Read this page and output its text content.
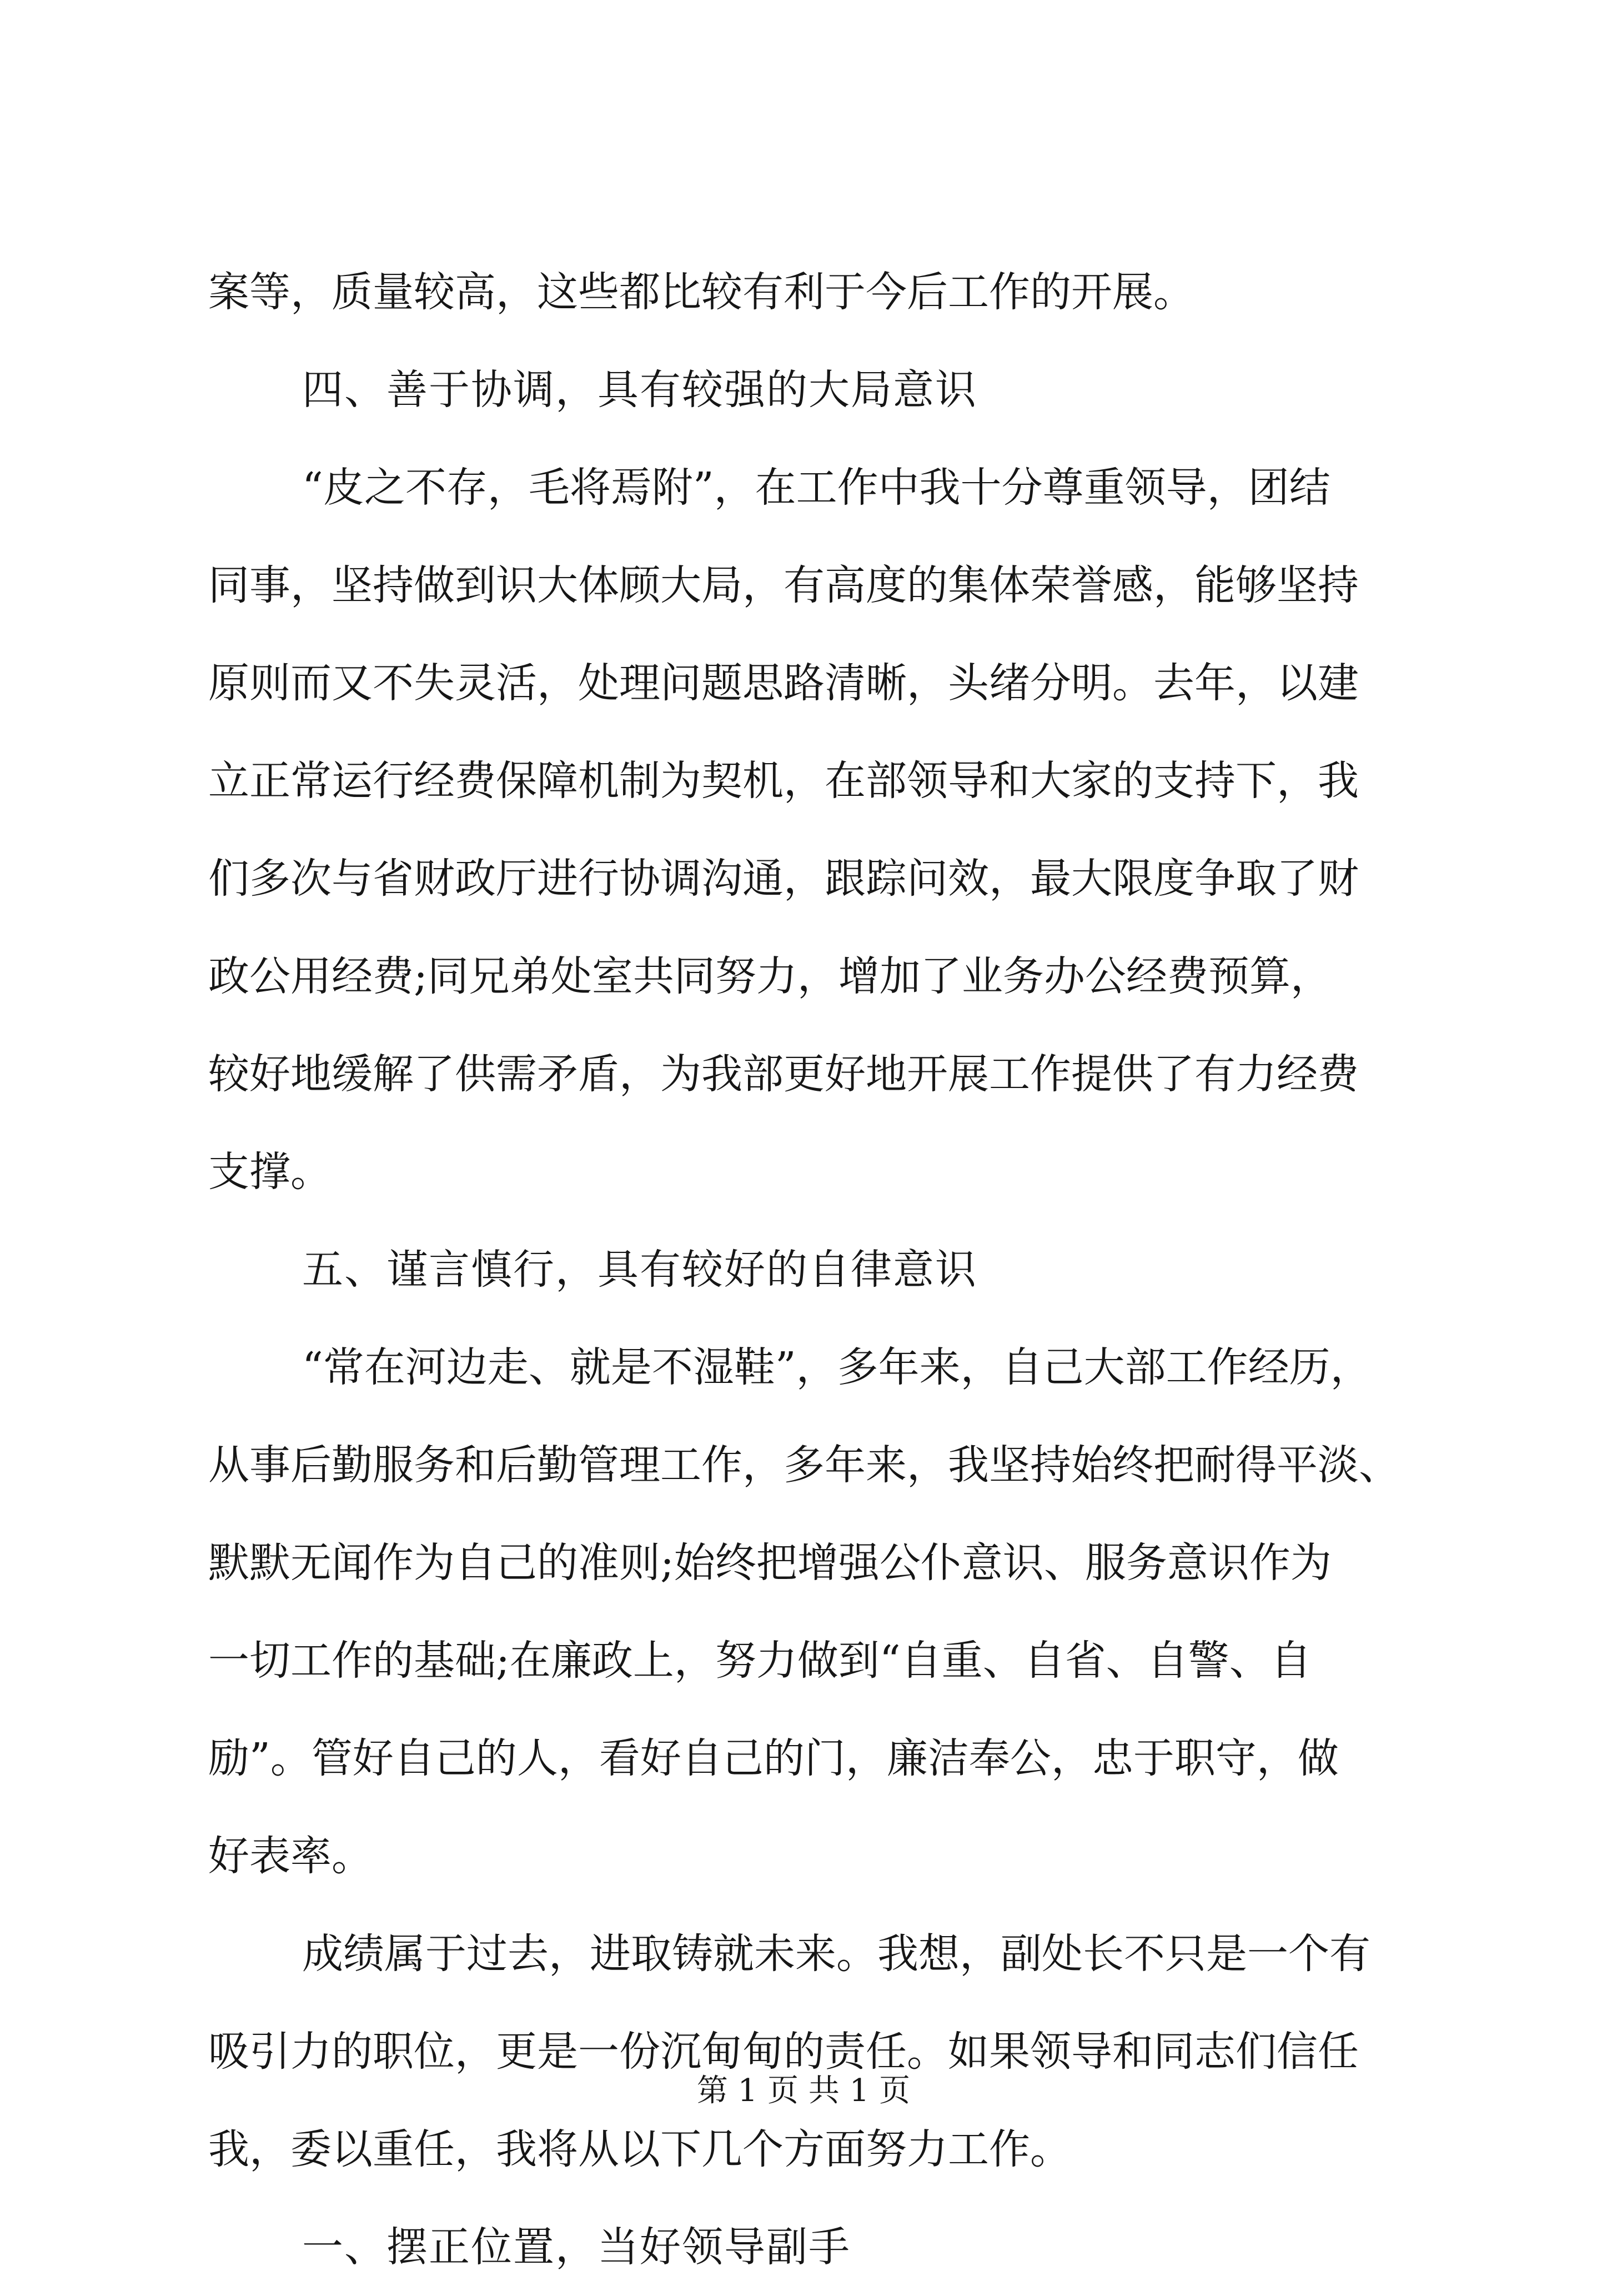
案等，质量较高，这些都比较有利于今后工作的开展。
四、善于协调，具有较强的大局意识
“皮之不存，毛将焉附”，在工作中我十分尊重领导，团结
同事，坚持做到识大体顾大局，有高度的集体荣誉感，能够坚持
原则而又不失灵活，处理问题思路清晰，头绪分明。去年，以建
立正常运行经费保障机制为契机，在部领导和大家的支持下，我
们多次与省财政厅进行协调沟通，跟踪问效，最大限度争取了财
政公用经费;同兄弟处室共同努力，增加了业务办公经费预算，
较好地缓解了供需矛盾，为我部更好地开展工作提供了有力经费
支撑。
五、谨言慎行，具有较好的自律意识
“常在河边走、就是不湿鞋”，多年来，自己大部工作经历，
从事后勤服务和后勤管理工作，多年来，我坚持始终把耐得平淡、
默默无闻作为自己的准则;始终把增强公仆意识、服务意识作为
一切工作的基础;在廉政上，努力做到“自重、自省、自警、自
励”。管好自己的人，看好自己的门，廉洁奉公，忠于职守，做
好表率。
成绩属于过去，进取铸就未来。我想，副处长不只是一个有
吸引力的职位，更是一份沉甸甸的责任。如果领导和同志们信任
我，委以重任，我将从以下几个方面努力工作。
一、摆正位置，当好领导副手
第 1 页 共 1 页
